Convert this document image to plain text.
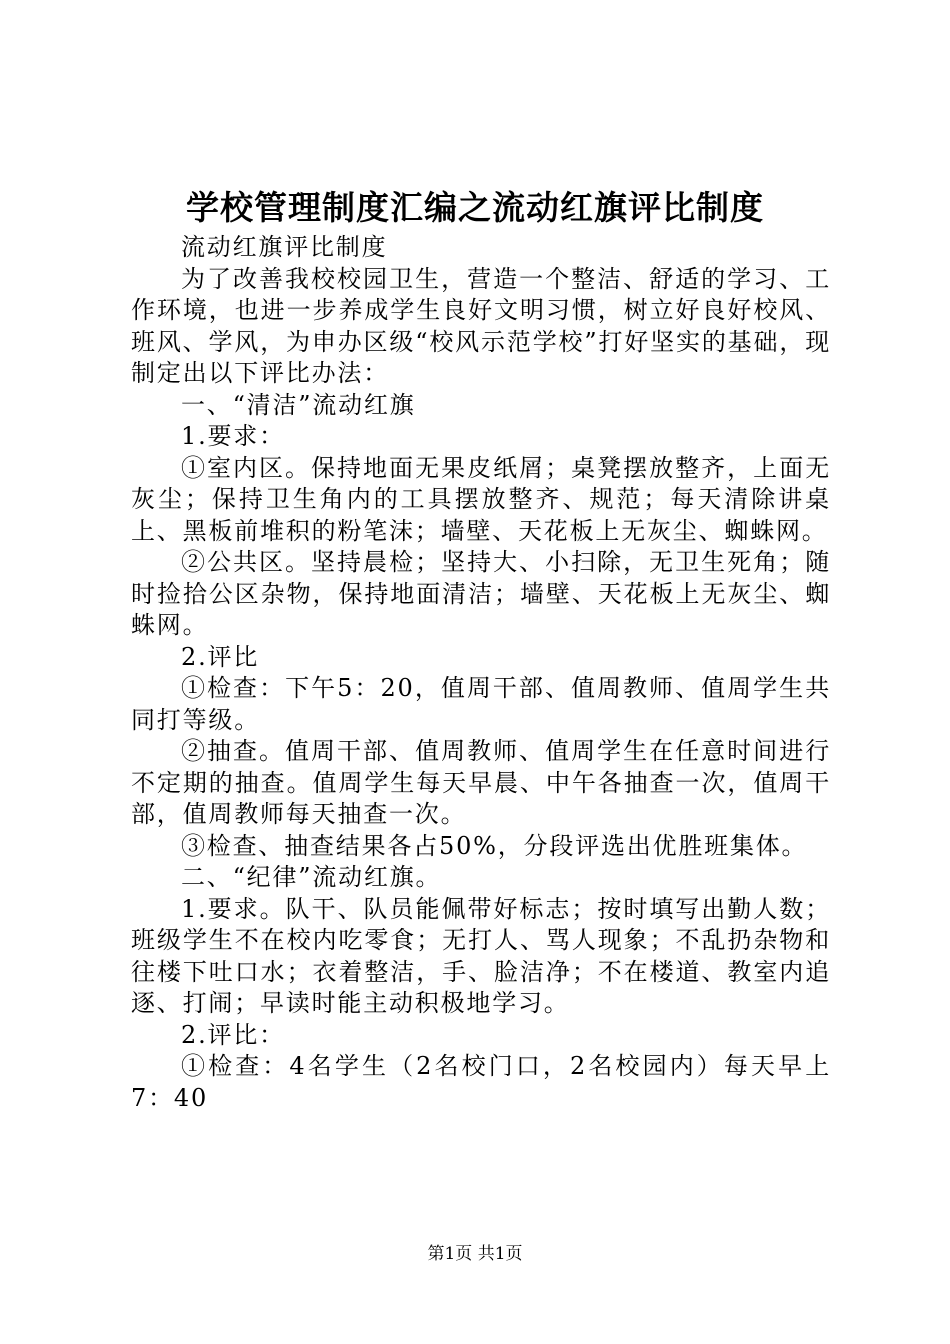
学校管理制度汇编之流动红旗评比制度

流动红旗评比制度

为了改善我校校园卫生，营造一个整洁、舒适的学习、工作环境，也进一步养成学生良好文明习惯，树立好良好校风、班风、学风，为申办区级“校风示范学校”打好坚实的基础，现制定出以下评比办法：

一、“清洁”流动红旗

1.要求：

①室内区。保持地面无果皮纸屑；桌凳摆放整齐，上面无灰尘；保持卫生角内的工具摆放整齐、规范；每天清除讲桌上、黑板前堆积的粉笔沫；墙壁、天花板上无灰尘、蜘蛛网。

②公共区。坚持晨检；坚持大、小扫除，无卫生死角；随时捡拾公区杂物，保持地面清洁；墙壁、天花板上无灰尘、蜘蛛网。

2.评比

①检查：下午5：20，值周干部、值周教师、值周学生共同打等级。

②抽查。值周干部、值周教师、值周学生在任意时间进行不定期的抽查。值周学生每天早晨、中午各抽查一次，值周干部，值周教师每天抽查一次。

③检查、抽查结果各占50%，分段评选出优胜班集体。

二、“纪律”流动红旗。

1.要求。队干、队员能佩带好标志；按时填写出勤人数；班级学生不在校内吃零食；无打人、骂人现象；不乱扔杂物和往楼下吐口水；衣着整洁，手、脸洁净；不在楼道、教室内追逐、打闹；早读时能主动积极地学习。

2.评比：

①检查：4名学生（2名校门口，2名校园内）每天早上7：40

第1页 共1页
